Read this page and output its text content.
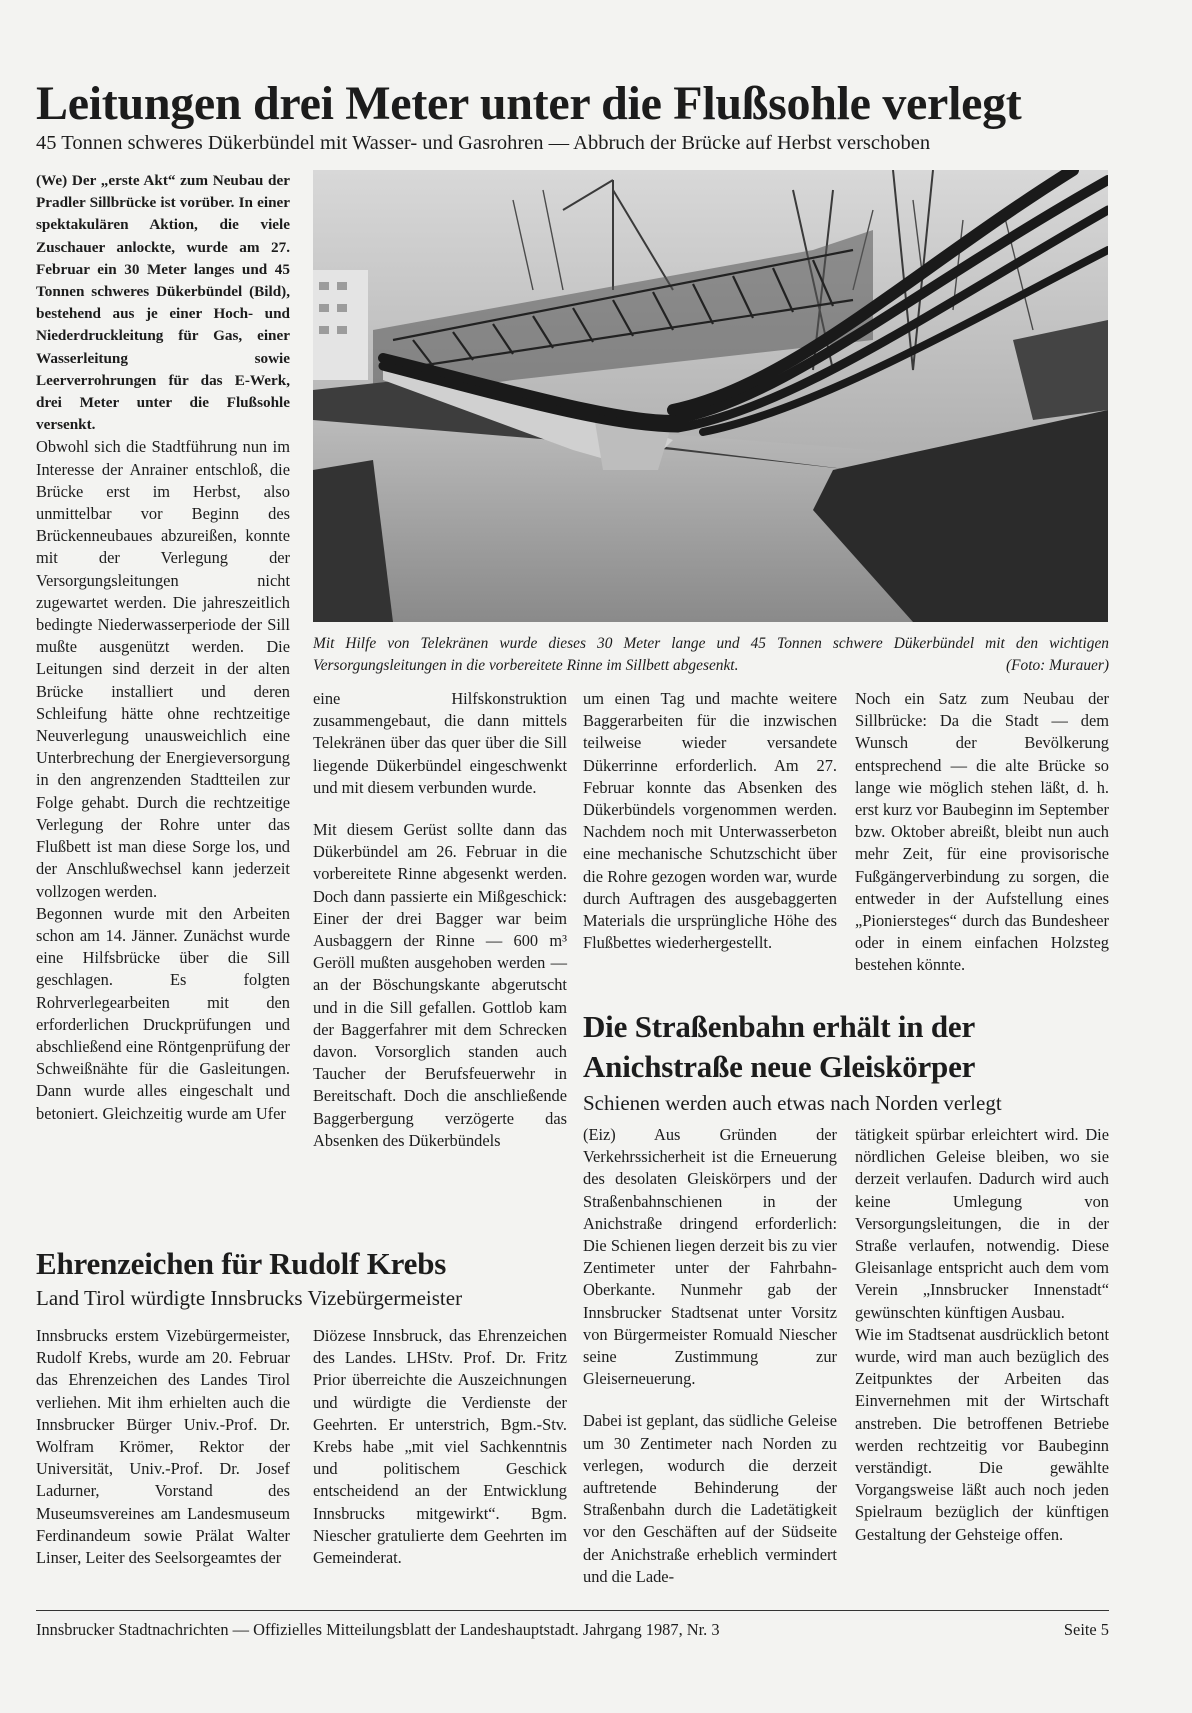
Leitungen drei Meter unter die Flußsohle verlegt
45 Tonnen schweres Dükerbündel mit Wasser- und Gasrohren — Abbruch der Brücke auf Herbst verschoben

(We) Der „erste Akt“ zum Neubau der Pradler Sillbrücke ist vorüber. In einer spektakulären Aktion, die viele Zuschauer anlockte, wurde am 27. Februar ein 30 Meter langes und 45 Tonnen schweres Dükerbündel (Bild), bestehend aus je einer Hoch- und Niederdruckleitung für Gas, einer Wasserleitung sowie Leerverrohrungen für das E-Werk, drei Meter unter die Flußsohle versenkt.

Obwohl sich die Stadtführung nun im Interesse der Anrainer entschloß, die Brücke erst im Herbst, also unmittelbar vor Beginn des Brückenneubaues abzureißen, konnte mit der Verlegung der Versorgungsleitungen nicht zugewartet werden. Die jahreszeitlich bedingte Niederwasserperiode der Sill mußte ausgenützt werden. Die Leitungen sind derzeit in der alten Brücke installiert und deren Schleifung hätte ohne rechtzeitige Neuverlegung unausweichlich eine Unterbrechung der Energieversorgung in den angrenzenden Stadtteilen zur Folge gehabt. Durch die rechtzeitige Verlegung der Rohre unter das Flußbett ist man diese Sorge los, und der Anschlußwechsel kann jederzeit vollzogen werden.

Begonnen wurde mit den Arbeiten schon am 14. Jänner. Zunächst wurde eine Hilfsbrücke über die Sill geschlagen. Es folgten Rohrverlegearbeiten mit den erforderlichen Druckprüfungen und abschließend eine Röntgenprüfung der Schweißnähte für die Gasleitungen. Dann wurde alles eingeschalt und betoniert. Gleichzeitig wurde am Ufer

Mit Hilfe von Telekränen wurde dieses 30 Meter lange und 45 Tonnen schwere Dükerbündel mit den wichtigen Versorgungsleitungen in die vorbereitete Rinne im Sillbett abgesenkt.	(Foto: Murauer)

eine Hilfskonstruktion zusammengebaut, die dann mittels Telekränen über das quer über die Sill liegende Dükerbündel eingeschwenkt und mit diesem verbunden wurde.

Mit diesem Gerüst sollte dann das Dükerbündel am 26. Februar in die vorbereitete Rinne abgesenkt werden. Doch dann passierte ein Mißgeschick: Einer der drei Bagger war beim Ausbaggern der Rinne — 600 m³ Geröll mußten ausgehoben werden — an der Böschungskante abgerutscht und in die Sill gefallen. Gottlob kam der Baggerfahrer mit dem Schrecken davon. Vorsorglich standen auch Taucher der Berufsfeuerwehr in Bereitschaft. Doch die anschließende Baggerbergung verzögerte das Absenken des Dükerbündels

um einen Tag und machte weitere Baggerarbeiten für die inzwischen teilweise wieder versandete Dükerrinne erforderlich. Am 27. Februar konnte das Absenken des Dükerbündels vorgenommen werden. Nachdem noch mit Unterwasserbeton eine mechanische Schutzschicht über die Rohre gezogen worden war, wurde durch Auftragen des ausgebaggerten Materials die ursprüngliche Höhe des Flußbettes wiederhergestellt.

Noch ein Satz zum Neubau der Sillbrücke: Da die Stadt — dem Wunsch der Bevölkerung entsprechend — die alte Brücke so lange wie möglich stehen läßt, d. h. erst kurz vor Baubeginn im September bzw. Oktober abreißt, bleibt nun auch mehr Zeit, für eine provisorische Fußgängerverbindung zu sorgen, die entweder in der Aufstellung eines „Pioniersteges“ durch das Bundesheer oder in einem einfachen Holzsteg bestehen könnte.

Die Straßenbahn erhält in der Anichstraße neue Gleiskörper
Schienen werden auch etwas nach Norden verlegt

(Eiz) Aus Gründen der Verkehrssicherheit ist die Erneuerung des desolaten Gleiskörpers und der Straßenbahnschienen in der Anichstraße dringend erforderlich: Die Schienen liegen derzeit bis zu vier Zentimeter unter der Fahrbahn-Oberkante. Nunmehr gab der Innsbrucker Stadtsenat unter Vorsitz von Bürgermeister Romuald Niescher seine Zustimmung zur Gleiserneuerung.

Dabei ist geplant, das südliche Geleise um 30 Zentimeter nach Norden zu verlegen, wodurch die derzeit auftretende Behinderung der Straßenbahn durch die Ladetätigkeit vor den Geschäften auf der Südseite der Anichstraße erheblich vermindert und die Lade-

tätigkeit spürbar erleichtert wird. Die nördlichen Geleise bleiben, wo sie derzeit verlaufen. Dadurch wird auch keine Umlegung von Versorgungsleitungen, die in der Straße verlaufen, notwendig. Diese Gleisanlage entspricht auch dem vom Verein „Innsbrucker Innenstadt“ gewünschten künftigen Ausbau.

Wie im Stadtsenat ausdrücklich betont wurde, wird man auch bezüglich des Zeitpunktes der Arbeiten das Einvernehmen mit der Wirtschaft anstreben. Die betroffenen Betriebe werden rechtzeitig vor Baubeginn verständigt. Die gewählte Vorgangsweise läßt auch noch jeden Spielraum bezüglich der künftigen Gestaltung der Gehsteige offen.

Ehrenzeichen für Rudolf Krebs
Land Tirol würdigte Innsbrucks Vizebürgermeister

Innsbrucks erstem Vizebürgermeister, Rudolf Krebs, wurde am 20. Februar das Ehrenzeichen des Landes Tirol verliehen. Mit ihm erhielten auch die Innsbrucker Bürger Univ.-Prof. Dr. Wolfram Krömer, Rektor der Universität, Univ.-Prof. Dr. Josef Ladurner, Vorstand des Museumsvereines am Landesmuseum Ferdinandeum sowie Prälat Walter Linser, Leiter des Seelsorgeamtes der

Diözese Innsbruck, das Ehrenzeichen des Landes. LHStv. Prof. Dr. Fritz Prior überreichte die Auszeichnungen und würdigte die Verdienste der Geehrten. Er unterstrich, Bgm.-Stv. Krebs habe „mit viel Sachkenntnis und politischem Geschick entscheidend an der Entwicklung Innsbrucks mitgewirkt“. Bgm. Niescher gratulierte dem Geehrten im Gemeinderat.

Innsbrucker Stadtnachrichten — Offizielles Mitteilungsblatt der Landeshauptstadt. Jahrgang 1987, Nr. 3	Seite 5
